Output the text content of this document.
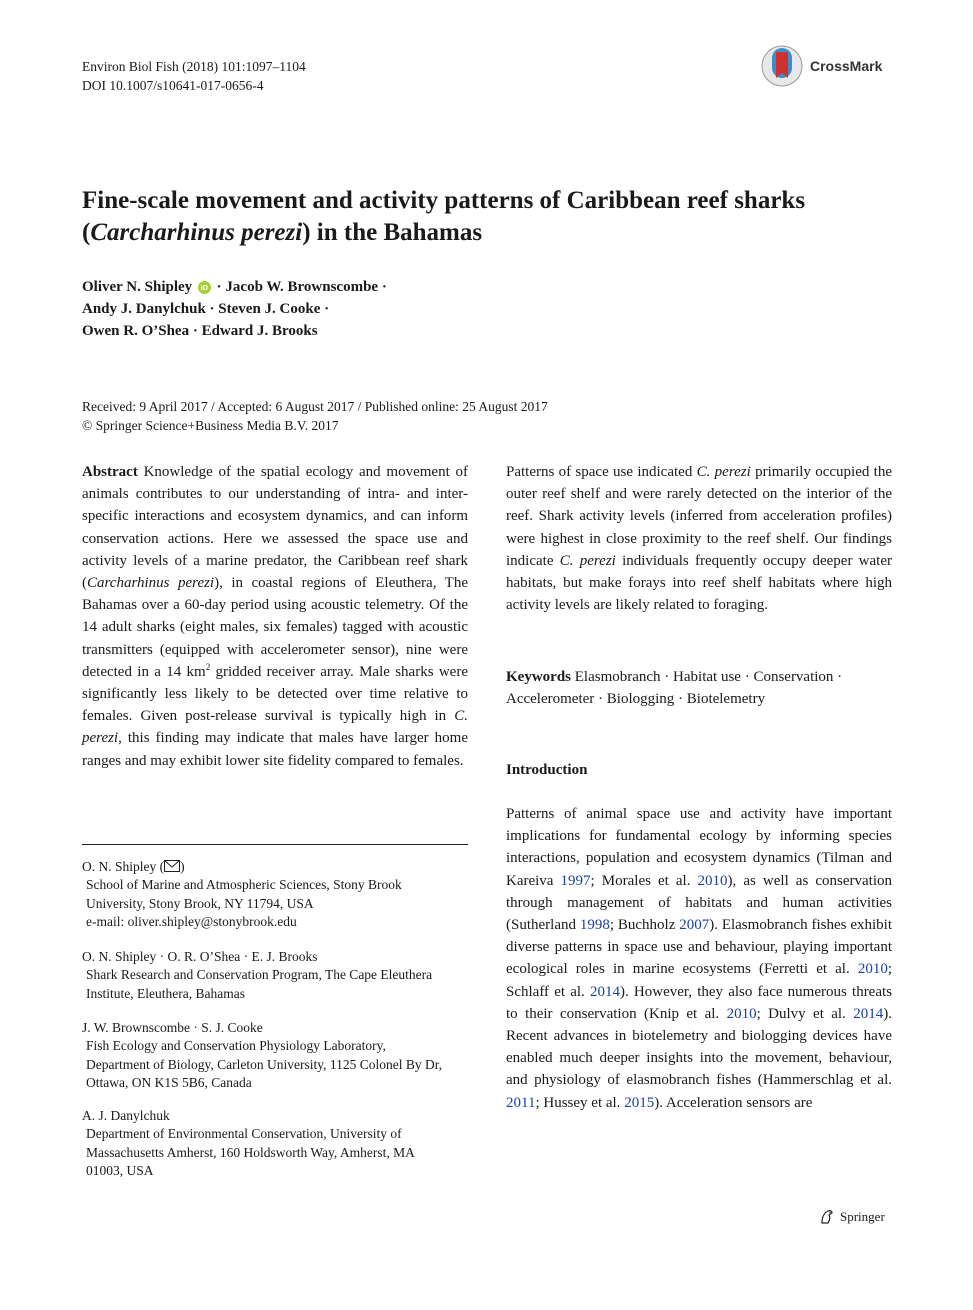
Environ Biol Fish (2018) 101:1097–1104
DOI 10.1007/s10641-017-0656-4
CrossMark
Fine-scale movement and activity patterns of Caribbean reef sharks (Carcharhinus perezi) in the Bahamas
Oliver N. Shipley iD · Jacob W. Brownscombe ·
Andy J. Danylchuk · Steven J. Cooke ·
Owen R. O’Shea · Edward J. Brooks
Received: 9 April 2017 / Accepted: 6 August 2017 / Published online: 25 August 2017
© Springer Science+Business Media B.V. 2017

Abstract Knowledge of the spatial ecology and movement of animals contributes to our understanding of intra- and inter-specific interactions and ecosystem dynamics, and can inform conservation actions. Here we assessed the space use and activity levels of a marine predator, the Caribbean reef shark (Carcharhinus perezi), in coastal regions of Eleuthera, The Bahamas over a 60-day period using acoustic telemetry. Of the 14 adult sharks (eight males, six females) tagged with acoustic transmitters (equipped with accelerometer sensor), nine were detected in a 14 $km^2$ gridded receiver array. Male sharks were significantly less likely to be detected over time relative to females. Given post-release survival is typically high in C. perezi, this finding may indicate that males have larger home ranges and may exhibit lower site fidelity compared to females.

O. N. Shipley ( )
School of Marine and Atmospheric Sciences, Stony Brook
University, Stony Brook, NY 11794, USA
e-mail: oliver.shipley@stonybrook.edu
O. N. Shipley · O. R. O’Shea · E. J. Brooks
Shark Research and Conservation Program, The Cape Eleuthera
Institute, Eleuthera, Bahamas
J. W. Brownscombe · S. J. Cooke
Fish Ecology and Conservation Physiology Laboratory,
Department of Biology, Carleton University, 1125 Colonel By Dr,
Ottawa, ON K1S 5B6, Canada
A. J. Danylchuk
Department of Environmental Conservation, University of
Massachusetts Amherst, 160 Holdsworth Way, Amherst, MA
01003, USA

Patterns of space use indicated C. perezi primarily occupied the outer reef shelf and were rarely detected on the interior of the reef. Shark activity levels (inferred from acceleration profiles) were highest in close proximity to the reef shelf. Our findings indicate C. perezi individuals frequently occupy deeper water habitats, but make forays into reef shelf habitats where high activity levels are likely related to foraging.

Keywords Elasmobranch · Habitat use · Conservation · Accelerometer · Biologging · Biotelemetry
Introduction

Patterns of animal space use and activity have important implications for fundamental ecology by informing species interactions, population and ecosystem dynamics (Tilman and Kareiva 1997; Morales et al. 2010), as well as conservation through management of habitats and human activities (Sutherland 1998; Buchholz 2007). Elasmobranch fishes exhibit diverse patterns in space use and behaviour, playing important ecological roles in marine ecosystems (Ferretti et al. 2010; Schlaff et al. 2014). However, they also face numerous threats to their conservation (Knip et al. 2010; Dulvy et al. 2014). Recent advances in biotelemetry and biologging devices have enabled much deeper insights into the movement, behaviour, and physiology of elasmobranch fishes (Hammerschlag et al. 2011; Hussey et al. 2015). Acceleration sensors are

Springer
